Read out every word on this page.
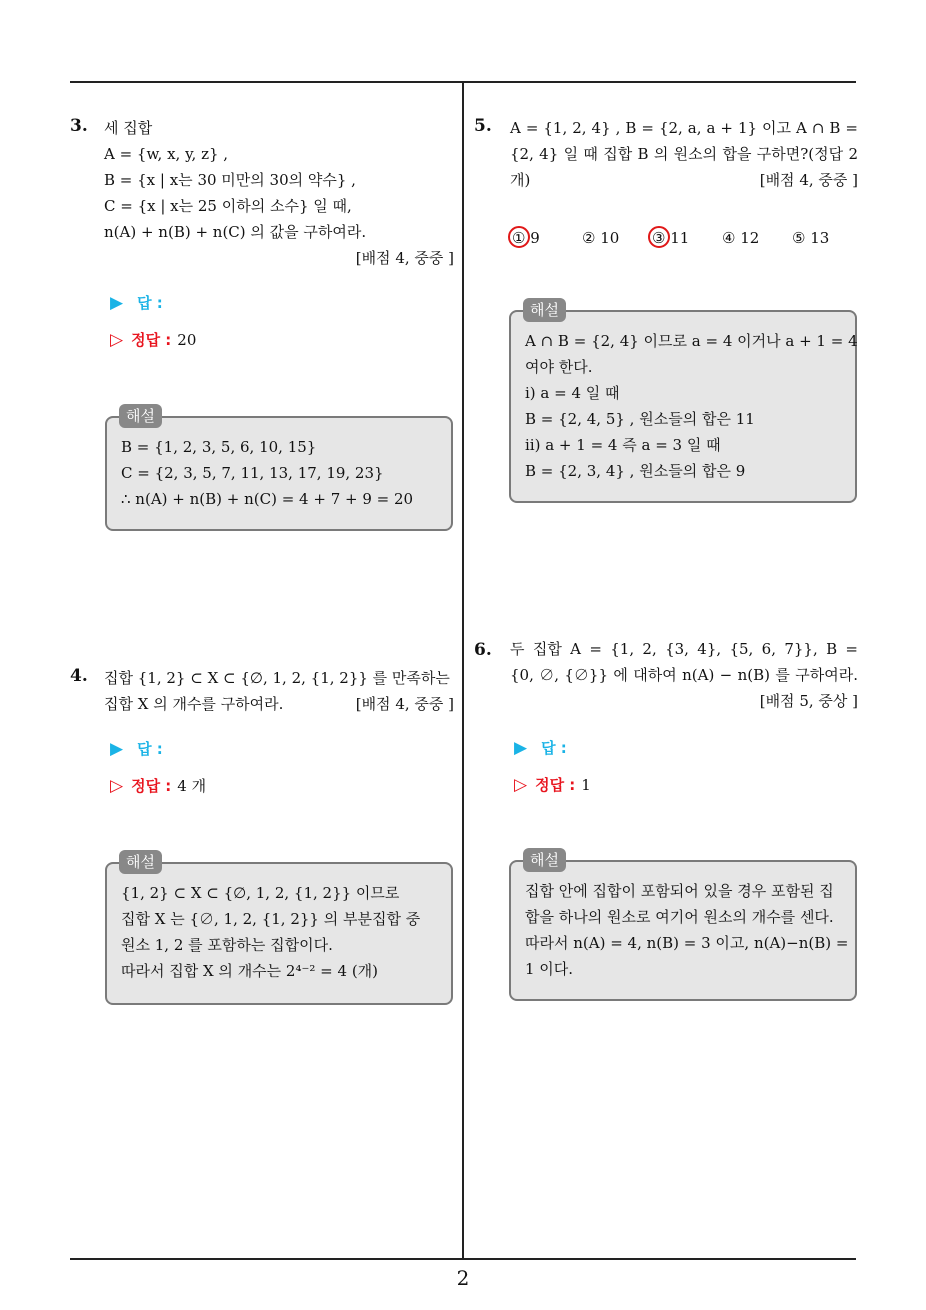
2
3. 세 집합
A = {w, x, y, z} ,
B = {x | x는 30 미만의 30의 약수} ,
C = {x | x는 25 이하의 소수} 일 때,
n(A) + n(B) + n(C) 의 값을 구하여라.
[배점 4, 중중 ]
▶ 답 :
▷ 정답 : 20
해설
B = {1, 2, 3, 5, 6, 10, 15}
C = {2, 3, 5, 7, 11, 13, 17, 19, 23}
∴ n(A) + n(B) + n(C) = 4 + 7 + 9 = 20
4. 집합 {1, 2} ⊂ X ⊂ {∅, 1, 2, {1, 2}} 를 만족하는
집합 X 의 개수를 구하여라.	[배점 4, 중중 ]
▶ 답 :
▷ 정답 : 4 개
해설
{1, 2} ⊂ X ⊂ {∅, 1, 2, {1, 2}} 이므로
집합 X 는 {∅, 1, 2, {1, 2}} 의 부분집합 중
원소 1, 2 를 포함하는 집합이다.
따라서 집합 X 의 개수는 2⁴⁻² = 4 (개)
5. A = {1, 2, 4} , B = {2, a, a + 1} 이고 A ∩ B =
{2, 4} 일 때 집합 B 의 원소의 합을 구하면?(정답 2
개)	[배점 4, 중중 ]
① 9	② 10 ③ 11 ④ 12 ⑤ 13
해설
A ∩ B = {2, 4} 이므로 a = 4 이거나 a + 1 = 4
여야 한다.
ⅰ) a = 4 일 때
B = {2, 4, 5} , 원소들의 합은 11
ⅱ) a + 1 = 4 즉 a = 3 일 때
B = {2, 3, 4} , 원소들의 합은 9
6. 두 집합 A = {1, 2, {3, 4}, {5, 6, 7}}, B =
{0, ∅, {∅}} 에 대하여 n(A) − n(B) 를 구하여라.
[배점 5, 중상 ]
▶ 답 :
▷ 정답 : 1
해설
집합 안에 집합이 포함되어 있을 경우 포함된 집
합을 하나의 원소로 여기어 원소의 개수를 센다.
따라서 n(A) = 4, n(B) = 3 이고, n(A)−n(B) =
1 이다.
